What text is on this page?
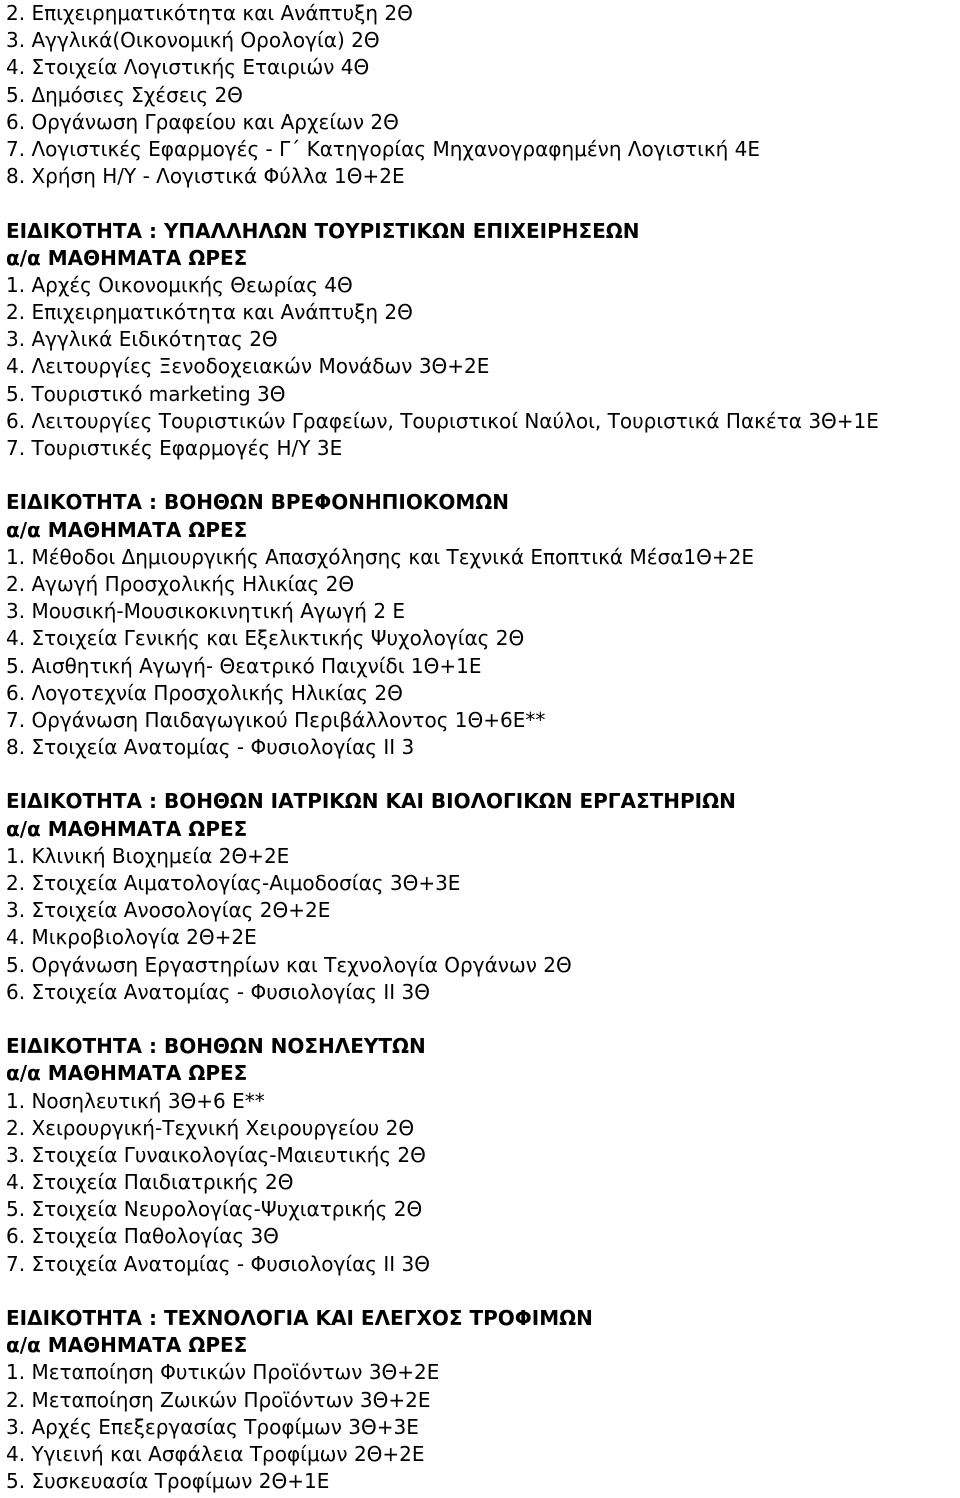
2. Επιχειρηματικότητα και Ανάπτυξη 2Θ
3. Αγγλικά(Οικονομική Ορολογία) 2Θ
4. Στοιχεία Λογιστικής Εταιριών 4Θ
5. Δημόσιες Σχέσεις 2Θ
6. Οργάνωση Γραφείου και Αρχείων 2Θ
7. Λογιστικές Εφαρμογές - Γ΄ Κατηγορίας Μηχανογραφημένη Λογιστική 4Ε
8. Χρήση Η/Υ - Λογιστικά Φύλλα 1Θ+2Ε
ΕΙΔΙΚΟΤΗΤΑ : ΥΠΑΛΛΗΛΩΝ ΤΟΥΡΙΣΤΙΚΩΝ ΕΠΙΧΕΙΡΗΣΕΩΝ
α/α ΜΑΘΗΜΑΤΑ ΩΡΕΣ
1. Αρχές Οικονομικής Θεωρίας 4Θ
2. Επιχειρηματικότητα και Ανάπτυξη 2Θ
3. Αγγλικά Ειδικότητας 2Θ
4. Λειτουργίες Ξενοδοχειακών Μονάδων 3Θ+2Ε
5. Τουριστικό marketing 3Θ
6. Λειτουργίες Τουριστικών Γραφείων, Τουριστικοί Ναύλοι, Τουριστικά Πακέτα 3Θ+1Ε
7. Τουριστικές Εφαρμογές Η/Υ 3Ε
ΕΙΔΙΚΟΤΗΤΑ : ΒΟΗΘΩΝ ΒΡΕΦΟΝΗΠΙΟΚΟΜΩΝ
α/α ΜΑΘΗΜΑΤΑ ΩΡΕΣ
1. Μέθοδοι Δημιουργικής Απασχόλησης και Τεχνικά Εποπτικά Μέσα1Θ+2Ε
2. Αγωγή Προσχολικής Ηλικίας 2Θ
3. Μουσική-Μουσικοκινητική Αγωγή 2 Ε
4. Στοιχεία Γενικής και Εξελικτικής Ψυχολογίας 2Θ
5. Αισθητική Αγωγή- Θεατρικό Παιχνίδι 1Θ+1Ε
6. Λογοτεχνία Προσχολικής Ηλικίας 2Θ
7. Οργάνωση Παιδαγωγικού Περιβάλλοντος 1Θ+6Ε**
8. Στοιχεία Ανατομίας - Φυσιολογίας ΙΙ 3
ΕΙΔΙΚΟΤΗΤΑ : ΒΟΗΘΩΝ ΙΑΤΡΙΚΩΝ ΚΑΙ ΒΙΟΛΟΓΙΚΩΝ ΕΡΓΑΣΤΗΡΙΩΝ
α/α ΜΑΘΗΜΑΤΑ ΩΡΕΣ
1. Κλινική Βιοχημεία 2Θ+2Ε
2. Στοιχεία Αιματολογίας-Αιμοδοσίας 3Θ+3Ε
3. Στοιχεία Ανοσολογίας 2Θ+2Ε
4. Μικροβιολογία 2Θ+2Ε
5. Οργάνωση Εργαστηρίων και Τεχνολογία Οργάνων 2Θ
6. Στοιχεία Ανατομίας - Φυσιολογίας ΙΙ 3Θ
ΕΙΔΙΚΟΤΗΤΑ : ΒΟΗΘΩΝ ΝΟΣΗΛΕΥΤΩΝ
α/α ΜΑΘΗΜΑΤΑ ΩΡΕΣ
1. Νοσηλευτική 3Θ+6 Ε**
2. Χειρουργική-Τεχνική Χειρουργείου 2Θ
3. Στοιχεία Γυναικολογίας-Μαιευτικής 2Θ
4. Στοιχεία Παιδιατρικής 2Θ
5. Στοιχεία Νευρολογίας-Ψυχιατρικής 2Θ
6. Στοιχεία Παθολογίας 3Θ
7. Στοιχεία Ανατομίας - Φυσιολογίας ΙΙ 3Θ
ΕΙΔΙΚΟΤΗΤΑ : ΤΕΧΝΟΛΟΓΙΑ ΚΑΙ ΕΛΕΓΧΟΣ ΤΡΟΦΙΜΩΝ
α/α ΜΑΘΗΜΑΤΑ ΩΡΕΣ
1. Μεταποίηση Φυτικών Προϊόντων 3Θ+2Ε
2. Μεταποίηση Ζωικών Προϊόντων 3Θ+2Ε
3. Αρχές Επεξεργασίας Τροφίμων 3Θ+3Ε
4. Υγιεινή και Ασφάλεια Τροφίμων 2Θ+2Ε
5. Συσκευασία Τροφίμων 2Θ+1Ε
